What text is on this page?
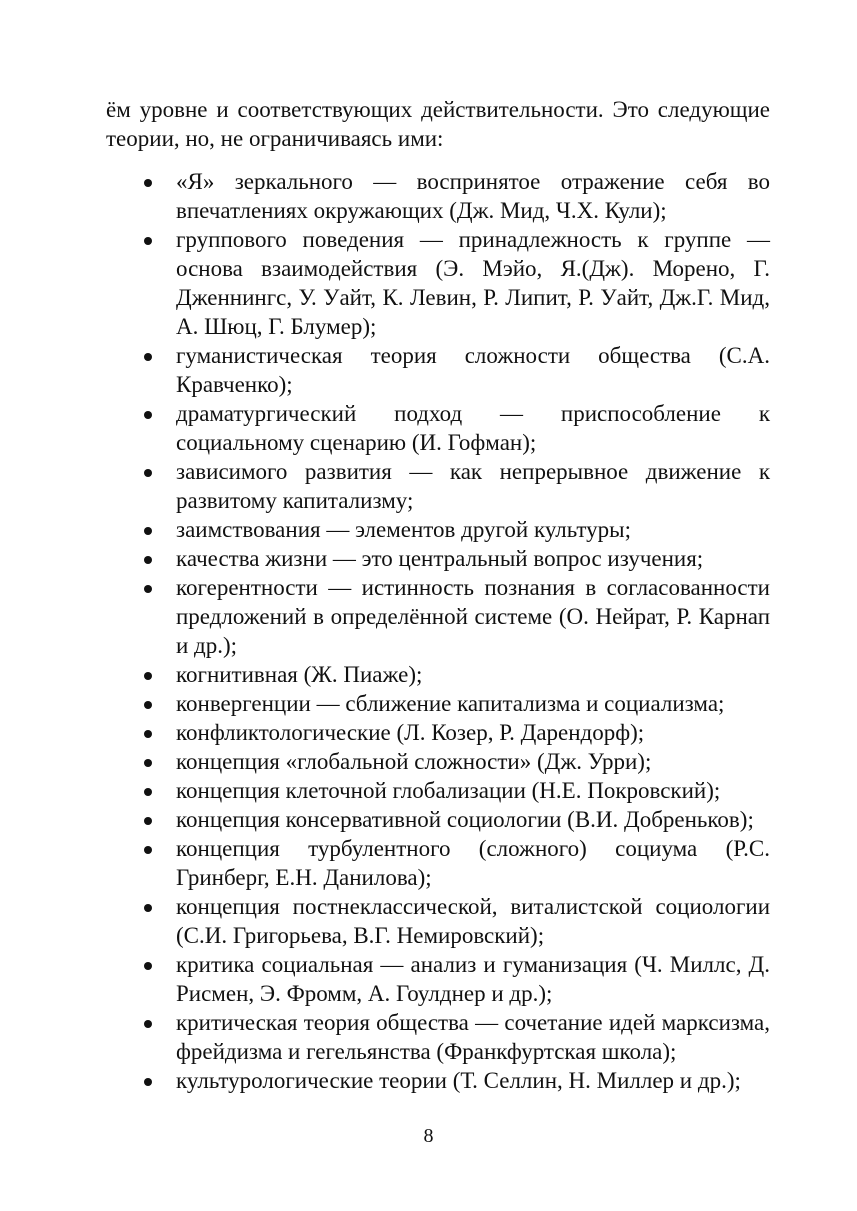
ём уровне и соответствующих действительности. Это следующие теории, но, не ограничиваясь ими:

«Я» зеркального — воспринятое отражение себя во впечатлениях окружающих (Дж. Мид, Ч.Х. Кули);
группового поведения — принадлежность к группе — основа взаимодействия (Э. Мэйо, Я.(Дж). Морено, Г. Дженнингс, У. Уайт, К. Левин, Р. Липит, Р. Уайт, Дж.Г. Мид, А. Шюц, Г. Блумер);
гуманистическая теория сложности общества (С.А. Кравченко);
драматургический подход — приспособление к социальному сценарию (И. Гофман);
зависимого развития — как непрерывное движение к развитому капитализму;
заимствования — элементов другой культуры;
качества жизни — это центральный вопрос изучения;
когерентности — истинность познания в согласованности предложений в определённой системе (О. Нейрат, Р. Карнап и др.);
когнитивная (Ж. Пиаже);
конвергенции — сближение капитализма и социализма;
конфликтологические (Л. Козер, Р. Дарендорф);
концепция «глобальной сложности» (Дж. Урри);
концепция клеточной глобализации (Н.Е. Покровский);
концепция консервативной социологии (В.И. Добреньков);
концепция турбулентного (сложного) социума (Р.С. Гринберг, Е.Н. Данилова);
концепция постнеклассической, виталистской социологии (С.И. Григорьева, В.Г. Немировский);
критика социальная — анализ и гуманизация (Ч. Миллс, Д. Рисмен, Э. Фромм, А. Гоулднер и др.);
критическая теория общества — сочетание идей марксизма, фрейдизма и гегельянства (Франкфуртская школа);
культурологические теории (Т. Селлин, Н. Миллер и др.);
8
